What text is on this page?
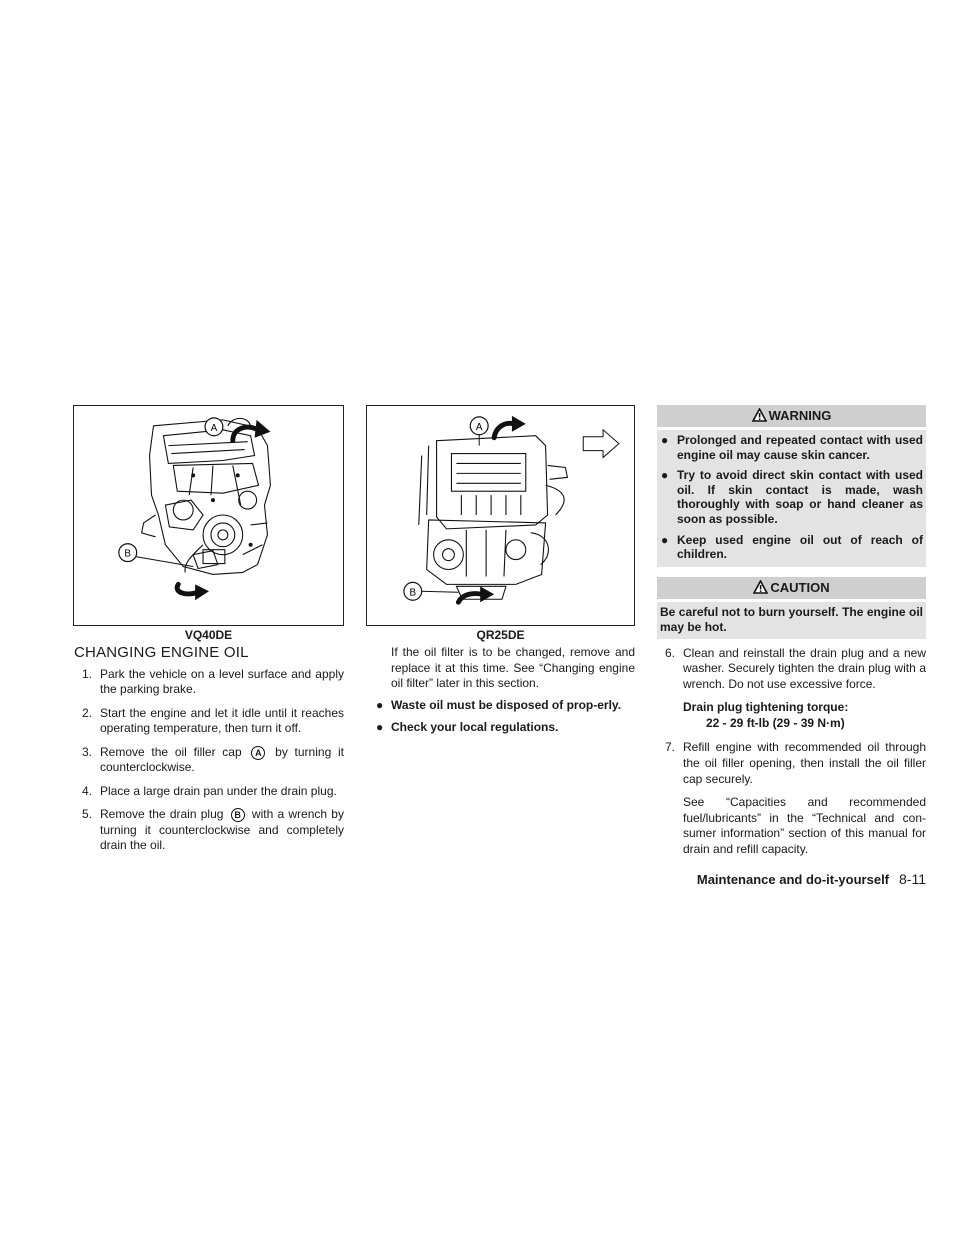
A
B
VQ40DE
A
B
QR25DE
CHANGING ENGINE OIL
1. Park the vehicle on a level surface and apply the parking brake.
2. Start the engine and let it idle until it reaches operating temperature, then turn it off.
3. Remove the oil filler cap A by turning it counterclockwise.
4. Place a large drain pan under the drain plug.
5. Remove the drain plug B with a wrench by turning it counterclockwise and completely drain the oil.
If the oil filter is to be changed, remove and replace it at this time. See “Changing engine oil filter” later in this section.
● Waste oil must be disposed of prop-erly.
● Check your local regulations.
WARNING
● Prolonged and repeated contact with used engine oil may cause skin cancer.
● Try to avoid direct skin contact with used oil. If skin contact is made, wash thoroughly with soap or hand cleaner as soon as possible.
● Keep used engine oil out of reach of children.
CAUTION
Be careful not to burn yourself. The engine oil may be hot.
6. Clean and reinstall the drain plug and a new washer. Securely tighten the drain plug with a wrench. Do not use excessive force.
Drain plug tightening torque:
22 - 29 ft-lb (29 - 39 N·m)
7. Refill engine with recommended oil through the oil filler opening, then install the oil filler cap securely.
See “Capacities and recommended fuel/lubricants” in the “Technical and con-sumer information” section of this manual for drain and refill capacity.
Maintenance and do-it-yourself 8-11
